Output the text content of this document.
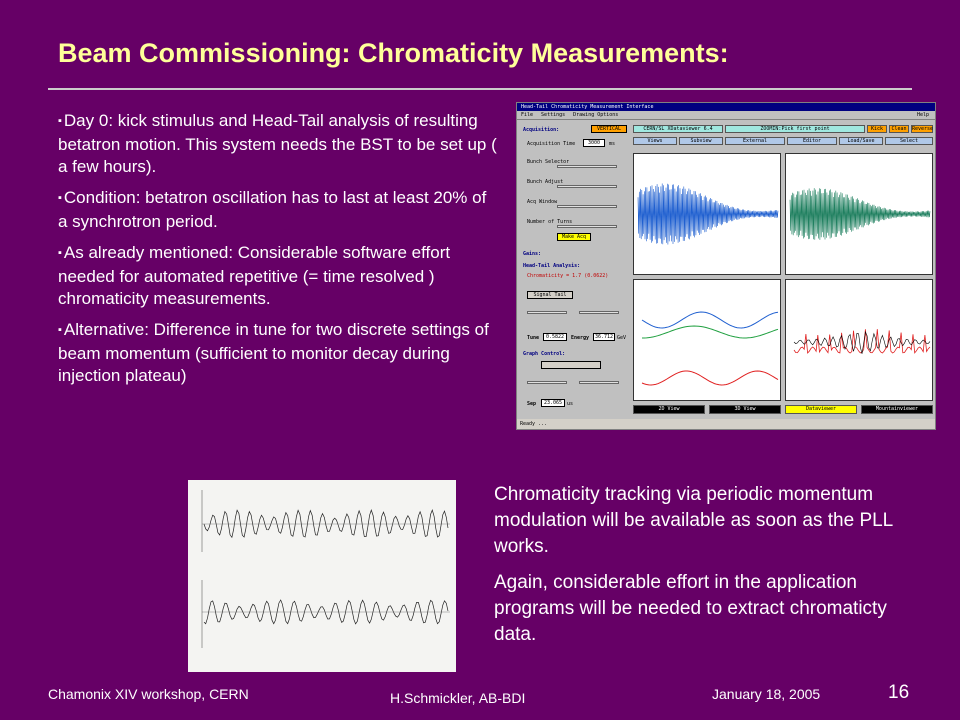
Beam Commissioning: Chromaticity Measurements:
▪ Day 0: kick stimulus and Head-Tail analysis of resulting betatron motion. This system needs the BST to be set up ( a few hours).
▪ Condition: betatron oscillation has to last at least 20% of a synchrotron period.
▪ As already mentioned: Considerable software effort needed for automated repetitive (= time resolved ) chromaticity measurements.
▪ Alternative: Difference in tune for two discrete settings of beam momentum (sufficient to monitor decay during injection plateau)
Head-Tail Chromaticity Measurement Interface
File Settings Drawing Options	Help
Acquisition:	VERTICAL
Acquisition Time	3000	ms
Bunch Selector
Bunch Adjust
Acq Window
Number of Turns
Make Acq
Gains:
Head-Tail Analysis:
Chromaticity = 1.7 (0.0622)
Signal Tail
Tune	0.5822	Energy	36.712 GeV
Graph Control:
Sep	23.065 us
CERN/SL XDataviewer 6.4	ZOOMIN:Pick first point	Kick	Clean	Reverse
Views	Subview	External	Editor	Load/Save	Select
2D View	3D View	Dataviewer	Mountainviewer
Ready ...

Chromaticity tracking via periodic momentum modulation will be available as soon as the PLL works.

Again, considerable effort in the application programs will be needed to extract chromaticty data.

Chamonix XIV workshop, CERN	H.Schmickler, AB-BDI	January 18, 2005	16
